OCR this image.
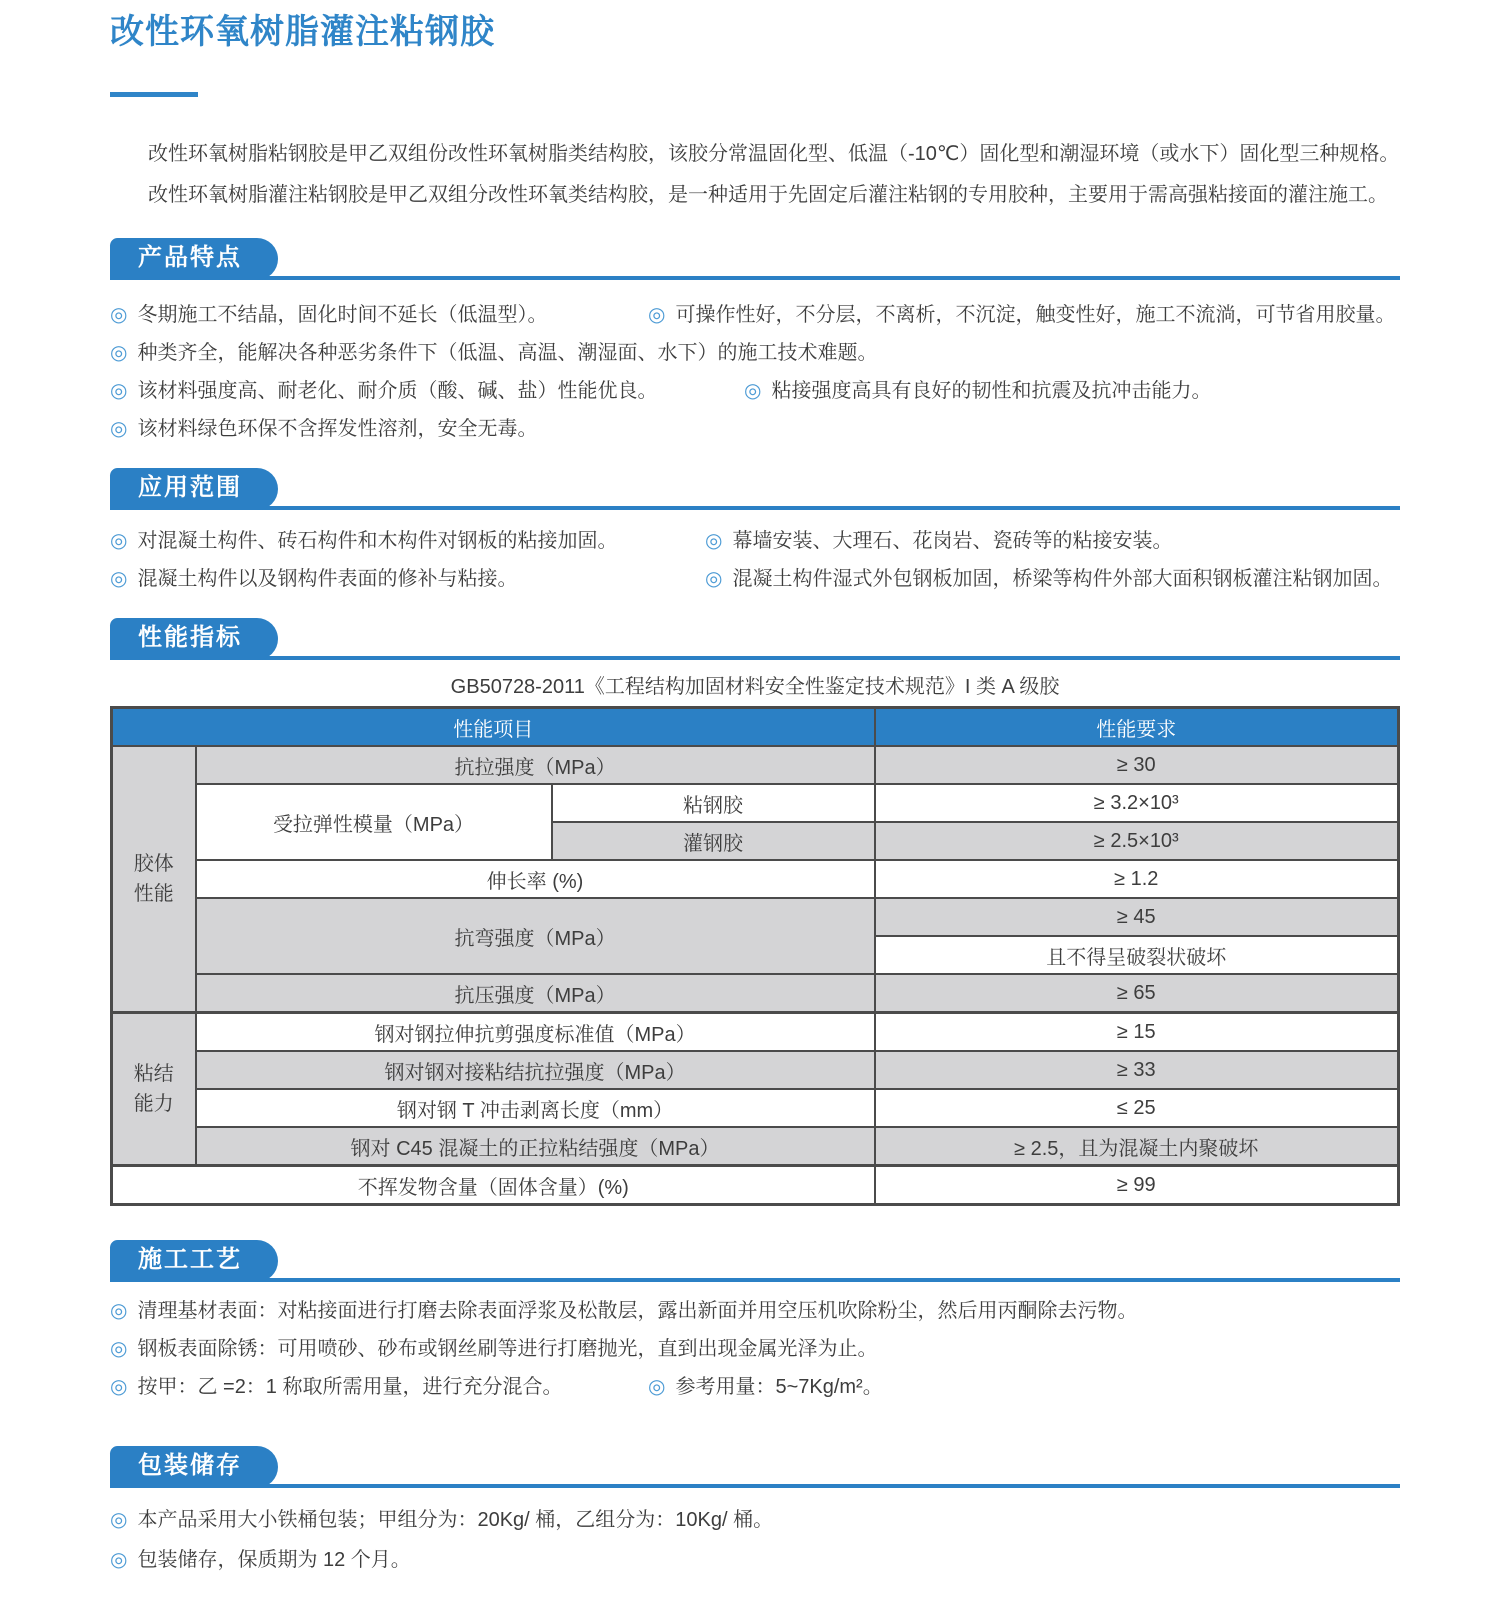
改性环氧树脂灌注粘钢胶
改性环氧树脂粘钢胶是甲乙双组份改性环氧树脂类结构胶，该胶分常温固化型、低温（-10℃）固化型和潮湿环境（或水下）固化型三种规格。
改性环氧树脂灌注粘钢胶是甲乙双组分改性环氧类结构胶，是一种适用于先固定后灌注粘钢的专用胶种，主要用于需高强粘接面的灌注施工。
产品特点
◎ 冬期施工不结晶，固化时间不延长（低温型）。	◎ 可操作性好，不分层，不离析，不沉淀，触变性好，施工不流淌，可节省用胶量。
◎ 种类齐全，能解决各种恶劣条件下（低温、高温、潮湿面、水下）的施工技术难题。
◎ 该材料强度高、耐老化、耐介质（酸、碱、盐）性能优良。	◎ 粘接强度高具有良好的韧性和抗震及抗冲击能力。
◎ 该材料绿色环保不含挥发性溶剂，安全无毒。
应用范围
◎ 对混凝土构件、砖石构件和木构件对钢板的粘接加固。	◎ 幕墙安装、大理石、花岗岩、瓷砖等的粘接安装。
◎ 混凝土构件以及钢构件表面的修补与粘接。	◎ 混凝土构件湿式外包钢板加固，桥梁等构件外部大面积钢板灌注粘钢加固。
性能指标
GB50728-2011《工程结构加固材料安全性鉴定技术规范》I 类 A 级胶
性能项目			性能要求

胶体
性能	抗拉强度（MPa）		≥ 30
	受拉弹性模量（MPa）	粘钢胶	≥ 3.2×10³
		灌钢胶	≥ 2.5×10³
	伸长率 (%)		≥ 1.2
	抗弯强度（MPa）		≥ 45
			且不得呈破裂状破坏
	抗压强度（MPa）		≥ 65

粘结
能力	钢对钢拉伸抗剪强度标准值（MPa）		≥ 15
	钢对钢对接粘结抗拉强度（MPa）		≥ 33
	钢对钢 T 冲击剥离长度（mm）		≤ 25
	钢对 C45 混凝土的正拉粘结强度（MPa）		≥ 2.5，且为混凝土内聚破坏
不挥发物含量（固体含量）(%)			≥ 99
施工工艺
◎ 清理基材表面：对粘接面进行打磨去除表面浮浆及松散层，露出新面并用空压机吹除粉尘，然后用丙酮除去污物。
◎ 钢板表面除锈：可用喷砂、砂布或钢丝刷等进行打磨抛光，直到出现金属光泽为止。
◎ 按甲：乙 =2：1 称取所需用量，进行充分混合。	◎ 参考用量：5~7Kg/m²。
包装储存
◎ 本产品采用大小铁桶包装；甲组分为：20Kg/ 桶，乙组分为：10Kg/ 桶。
◎ 包装储存，保质期为 12 个月。
